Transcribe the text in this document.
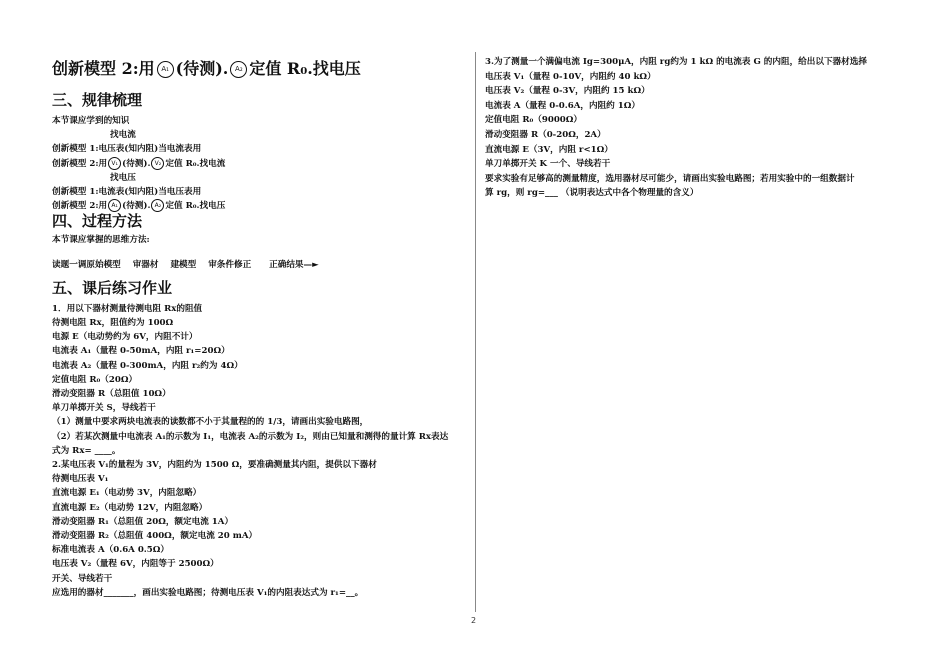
创新模型 2:用 A₁ (待测). A₂ 定值 R₀.找电压
三、规律梳理
本节课应学到的知识
找电流
创新模型 1:电压表(知内阻)当电流表用
创新模型 2:用 V₁ (待测). V₂ 定值 R₀.找电流
找电压
创新模型 1:电流表(知内阻)当电压表用
创新模型 2:用 A₁ (待测). A₂ 定值 R₀.找电压
四、过程方法
本节课应掌握的思维方法:
读题一调原始模型    审器材    建模型    审条件修正      正确结果—►
五、课后练习作业
1．用以下器材测量待测电阻 Rx的阻值
待测电阻 Rx，阻值约为 100Ω
电源 E（电动势约为 6V，内阻不计）
电流表 A₁（量程 0-50mA，内阻 r₁=20Ω）
电流表 A₂（量程 0-300mA，内阻 r₂约为 4Ω）
定值电阻 R₀（20Ω）
滑动变阻器 R（总阻值 10Ω）
单刀单掷开关 S，导线若干
（1）测量中要求两块电流表的读数都不小于其量程的的 1/3，请画出实验电路图，
（2）若某次测量中电流表 A₁的示数为 I₁，电流表 A₂的示数为 I₂，则由已知量和测得的量计算 Rx表达
式为 Rx= ____。
2.某电压表 V₁的量程为 3V，内阻约为 1500 Ω，要准确测量其内阻，提供以下器材
待测电压表 V₁
直流电源 E₁（电动势 3V，内阻忽略）
直流电源 E₂（电动势 12V，内阻忽略）
滑动变阻器 R₁（总阻值 20Ω，额定电流 1A）
滑动变阻器 R₂（总阻值 400Ω，额定电流 20 mA）
标准电流表 A（0.6A 0.5Ω）
电压表 V₂（量程 6V，内阻等于 2500Ω）
开关、导线若干
应选用的器材_______，画出实验电路图；待测电压表 V₁的内阻表达式为 r₁=__。
3.为了测量一个满偏电流 Ig=300μA，内阻 rg约为 1 kΩ 的电流表 G 的内阻，给出以下器材选择
电压表 V₁（量程 0-10V，内阻约 40 kΩ）
电压表 V₂（量程 0-3V，内阻约 15 kΩ）
电流表 A（量程 0-0.6A，内阻约 1Ω）
定值电阻 R₀（9000Ω）
滑动变阻器 R（0-20Ω，2A）
直流电源 E（3V，内阻 r<1Ω）
单刀单掷开关 K 一个、导线若干
要求实验有足够高的测量精度，选用器材尽可能少，请画出实验电路图；若用实验中的一组数据计
算 rg，则 rg=___ （说明表达式中各个物理量的含义）
2
